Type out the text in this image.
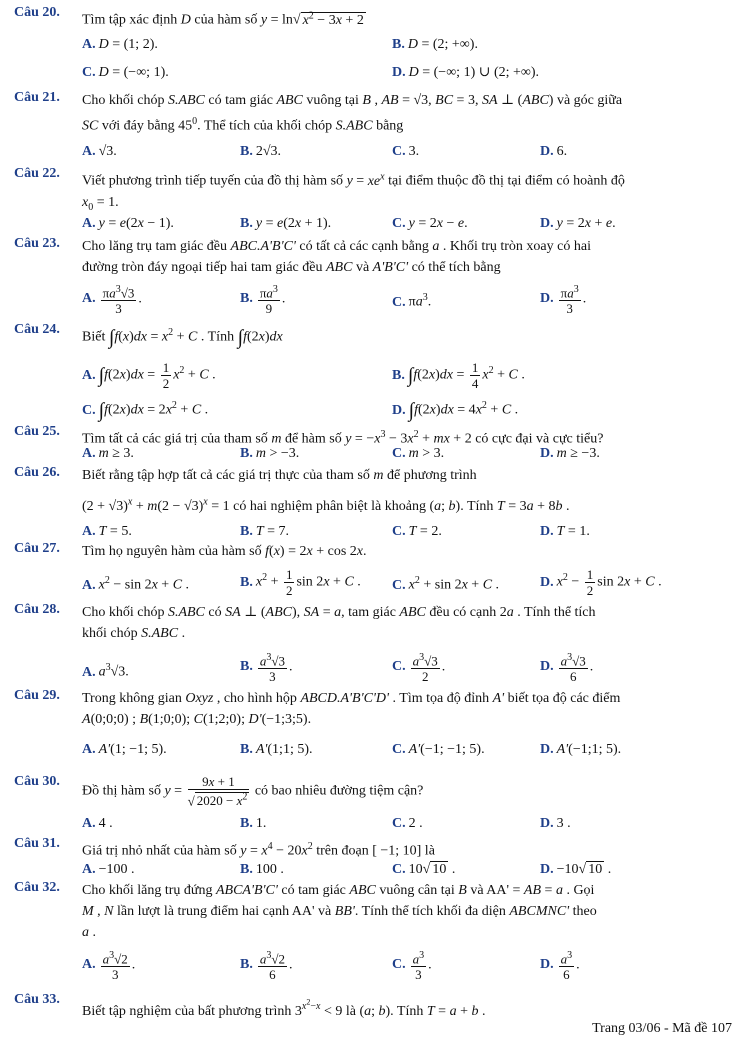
Câu 20.
Tìm tập xác định D của hàm số y = ln√ $x^2 - 3x + 2$
A. D = (1; 2).	B. D = (2; +∞).
C. D = (−∞; 1).	D. D = (−∞; 1) ∪ (2; +∞).
Câu 21. Cho khối chóp S.ABC có tam giác ABC vuông tại B , AB = √3, BC = 3, SA ⊥ (ABC) và góc giữa
SC với đáy bằng $45^0$. Thể tích của khối chóp S.ABC bằng
A. √3.	B. 2√3.	C. 3.	D. 6.
Câu 22.
Viết phương trình tiếp tuyến của đồ thị hàm số $y = xe^x$ tại điểm thuộc đồ thị tại điểm có hoành độ
$x_0 = 1$.
A. y = e(2x − 1).	B. y = e(2x + 1).	C. y = 2x − e.	D. y = 2x + e.
Câu 23. Cho lăng trụ tam giác đều ABC.A'B'C' có tất cả các cạnh bằng a . Khối trụ tròn xoay có hai
đường tròn đáy ngoại tiếp hai tam giác đều ABC và A'B'C' có thể tích bằng
A. $\frac{\pi a^3√3}{3}$ .	B. $\frac{\pi a^3}{9}$ .	C. $\pi a^3$.	D. $\frac{\pi a^3}{3}$ .
Câu 24.
Biết $\int f(x)dx = x^2 + C$ . Tính ∫f(2x)dx
A. $\int f(2x)dx = \frac{1}{2} x^2 + C$ .	B. $\int f(2x)dx = \frac{1}{4} x^2 + C$ .
C. $\int f(2x)dx = 2x^2 + C$ .	D. $\int f(2x)dx = 4x^2 + C$ .
Câu 25.
Tìm tất cả các giá trị của tham số m để hàm số $y = -x^3 - 3x^2$ + mx + 2 có cực đại và cực tiểu?
A. m ≥ 3.	B. m > −3.	C. m > 3.	D. m ≥ −3.
Câu 26. Biết rằng tập hợp tất cả các giá trị thực của tham số m để phương trình
$(2 + √3)^x + m(2 - √3)^x = 1$ có hai nghiệm phân biệt là khoảng (a; b). Tính T = 3a + 8b .
A. T = 5.	B. T = 7.	C. T = 2.	D. T = 1.
Câu 27. Tìm họ nguyên hàm của hàm số f(x) = 2x + cos 2x.
A. $x^2 - \sin 2x + C$ .	B. $x^2 + \frac{1}{2}$ sin 2x + C . C. $x^2 + \sin 2x + C$ .	D. $x^2 - \frac{1}{2}$ sin 2x + C .
Câu 28. Cho khối chóp S.ABC có SA ⊥ (ABC), SA = a, tam giác ABC đều có cạnh 2a . Tính thể tích
khối chóp S.ABC .
A. $a^3√3$.	B. $\frac{a^3√3}{3}$ .	C. $\frac{a^3√3}{2}$ .	D. $\frac{a^3√3}{6}$ .
Câu 29. Trong không gian Oxyz , cho hình hộp ABCD.A'B'C'D' . Tìm tọa độ đỉnh A' biết tọa độ các điểm
A(0;0;0) ; B(1;0;0); C(1;2;0); D'(−1;3;5).
A. A'(1; −1; 5).	B. A'(1;1; 5).	C. A'(−1; −1; 5).	D. A'(−1;1; 5).
Câu 30.
Đồ thị hàm số $y = \frac{9x + 1}{√ 2020 - x^2}$ có bao nhiêu đường tiệm cận?
A. 4 .	B. 1.	C. 2 .	D. 3 .
Câu 31.
Giá trị nhỏ nhất của hàm số $y = x^4 - 20x^2$ trên đoạn [ −1; 10] là
A. −100 .	B. 100 .	C. 10√ 10 .	D. −10√ 10 .
Câu 32. Cho khối lăng trụ đứng ABCA'B'C' có tam giác ABC vuông cân tại B và AA' = AB = a . Gọi
M , N lần lượt là trung điểm hai cạnh AA' và BB'. Tính thể tích khối đa diện ABCMNC' theo
a .
A. $\frac{a^3√2}{3}$ .	B. $\frac{a^3√2}{6}$ .	C. $\frac{a^3}{3}$ .	D. $\frac{a^3}{6}$ .
Câu 33.
Biết tập nghiệm của bất phương trình $3^{x^2-x} < 9$ là (a; b). Tính T = a + b .
Trang 03/06 - Mã đề 107
